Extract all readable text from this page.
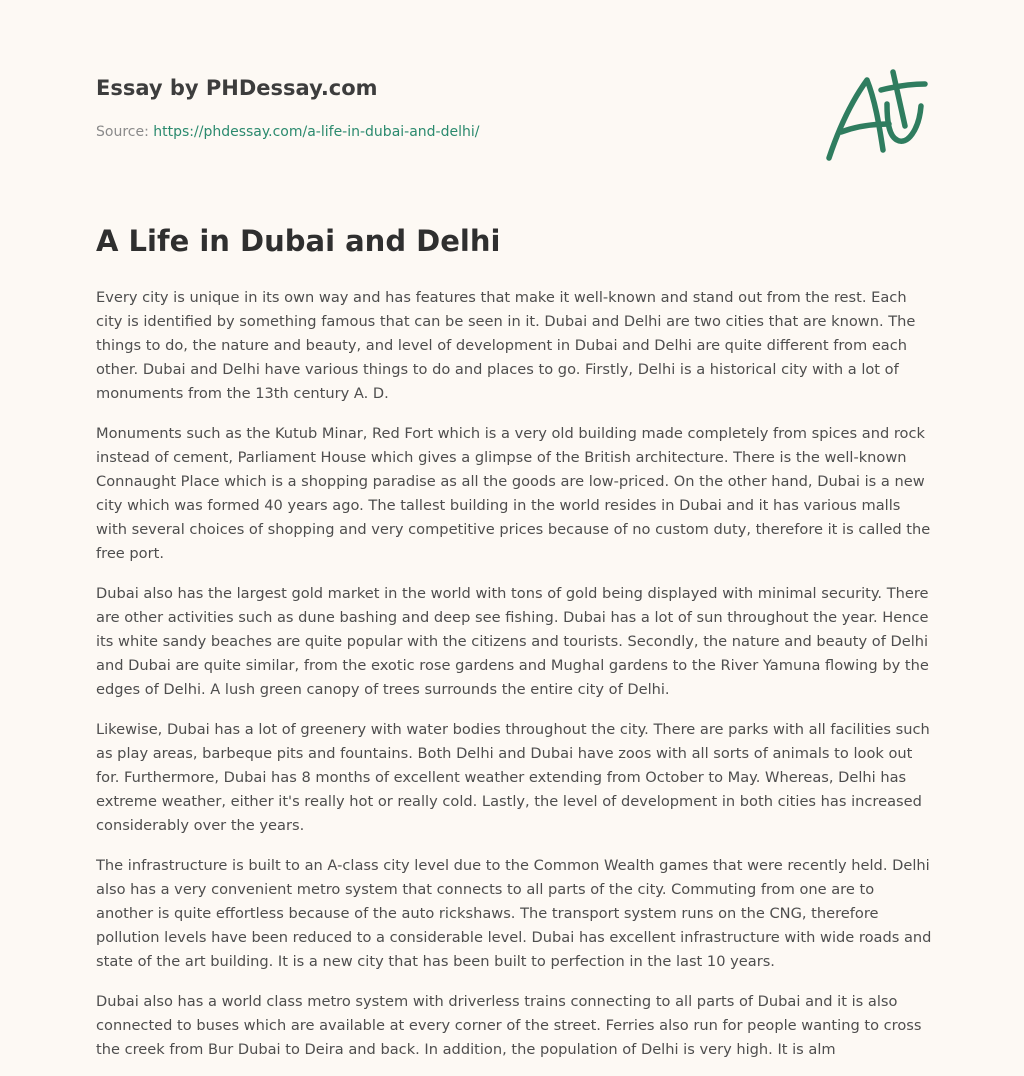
Essay by PHDessay.com
Source: https://phdessay.com/a-life-in-dubai-and-delhi/
A Life in Dubai and Delhi

Every city is unique in its own way and has features that make it well-known and stand out from the rest. Each city is identified by something famous that can be seen in it. Dubai and Delhi are two cities that are known. The things to do, the nature and beauty, and level of development in Dubai and Delhi are quite different from each other. Dubai and Delhi have various things to do and places to go. Firstly, Delhi is a historical city with a lot of monuments from the 13th century A. D.

Monuments such as the Kutub Minar, Red Fort which is a very old building made completely from spices and rock instead of cement, Parliament House which gives a glimpse of the British architecture. There is the well-known Connaught Place which is a shopping paradise as all the goods are low-priced. On the other hand, Dubai is a new city which was formed 40 years ago. The tallest building in the world resides in Dubai and it has various malls with several choices of shopping and very competitive prices because of no custom duty, therefore it is called the free port.

Dubai also has the largest gold market in the world with tons of gold being displayed with minimal security. There are other activities such as dune bashing and deep see fishing. Dubai has a lot of sun throughout the year. Hence its white sandy beaches are quite popular with the citizens and tourists. Secondly, the nature and beauty of Delhi and Dubai are quite similar, from the exotic rose gardens and Mughal gardens to the River Yamuna flowing by the edges of Delhi. A lush green canopy of trees surrounds the entire city of Delhi.

Likewise, Dubai has a lot of greenery with water bodies throughout the city. There are parks with all facilities such as play areas, barbeque pits and fountains. Both Delhi and Dubai have zoos with all sorts of animals to look out for. Furthermore, Dubai has 8 months of excellent weather extending from October to May. Whereas, Delhi has extreme weather, either it's really hot or really cold. Lastly, the level of development in both cities has increased considerably over the years.

The infrastructure is built to an A-class city level due to the Common Wealth games that were recently held. Delhi also has a very convenient metro system that connects to all parts of the city. Commuting from one are to another is quite effortless because of the auto rickshaws. The transport system runs on the CNG, therefore pollution levels have been reduced to a considerable level. Dubai has excellent infrastructure with wide roads and state of the art building. It is a new city that has been built to perfection in the last 10 years.

Dubai also has a world class metro system with driverless trains connecting to all parts of Dubai and it is also connected to buses which are available at every corner of the street. Ferries also run for people wanting to cross the creek from Bur Dubai to Deira and back. In addition, the population of Delhi is very high. It is alm
